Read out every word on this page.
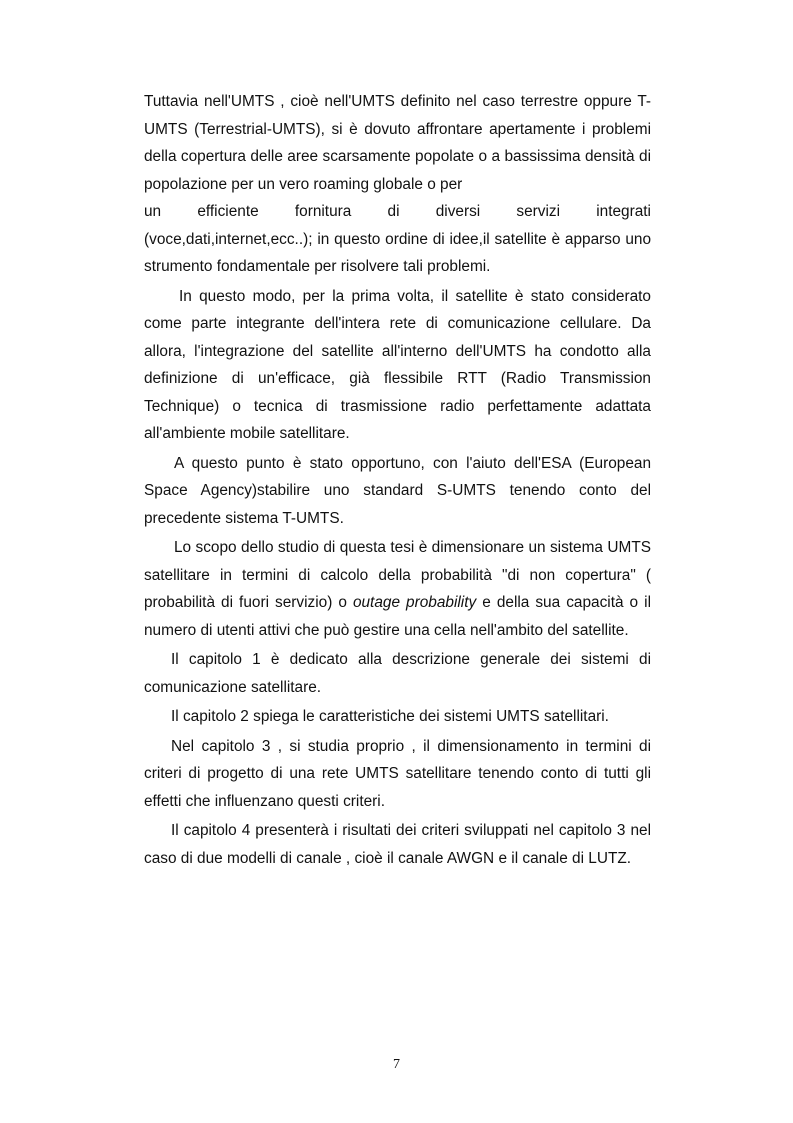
Tuttavia nell'UMTS , cioè nell'UMTS definito nel caso terrestre oppure T-UMTS (Terrestrial-UMTS), si è dovuto affrontare apertamente i problemi della copertura delle aree scarsamente popolate o a bassissima densità di popolazione per un vero roaming globale o per
un efficiente fornitura di diversi servizi integrati
(voce,dati,internet,ecc..); in questo ordine di idee,il satellite è apparso uno strumento fondamentale per risolvere tali problemi.

In questo modo, per la prima volta, il satellite è stato considerato come parte integrante dell'intera rete di comunicazione cellulare. Da allora, l'integrazione del satellite all'interno dell'UMTS ha condotto alla definizione di un'efficace, già flessibile RTT (Radio Transmission Technique) o tecnica di trasmissione radio perfettamente adattata all'ambiente mobile satellitare.

A questo punto è stato opportuno, con l'aiuto dell'ESA (European Space Agency)stabilire uno standard S-UMTS tenendo conto del precedente sistema T-UMTS.

Lo scopo dello studio di questa tesi è dimensionare un sistema UMTS satellitare in termini di calcolo della probabilità "di non copertura" ( probabilità di fuori servizio) o outage probability e della sua capacità o il numero di utenti attivi che può gestire una cella nell'ambito del satellite.

Il capitolo 1 è dedicato alla descrizione generale dei sistemi di comunicazione satellitare.

Il capitolo 2 spiega le caratteristiche dei sistemi UMTS satellitari.

Nel capitolo 3 , si studia proprio , il dimensionamento in termini di criteri di progetto di una rete UMTS satellitare tenendo conto di tutti gli effetti che influenzano questi criteri.

Il capitolo 4 presenterà i risultati dei criteri sviluppati nel capitolo 3 nel caso di due modelli di canale , cioè il canale AWGN e il canale di LUTZ.

7
